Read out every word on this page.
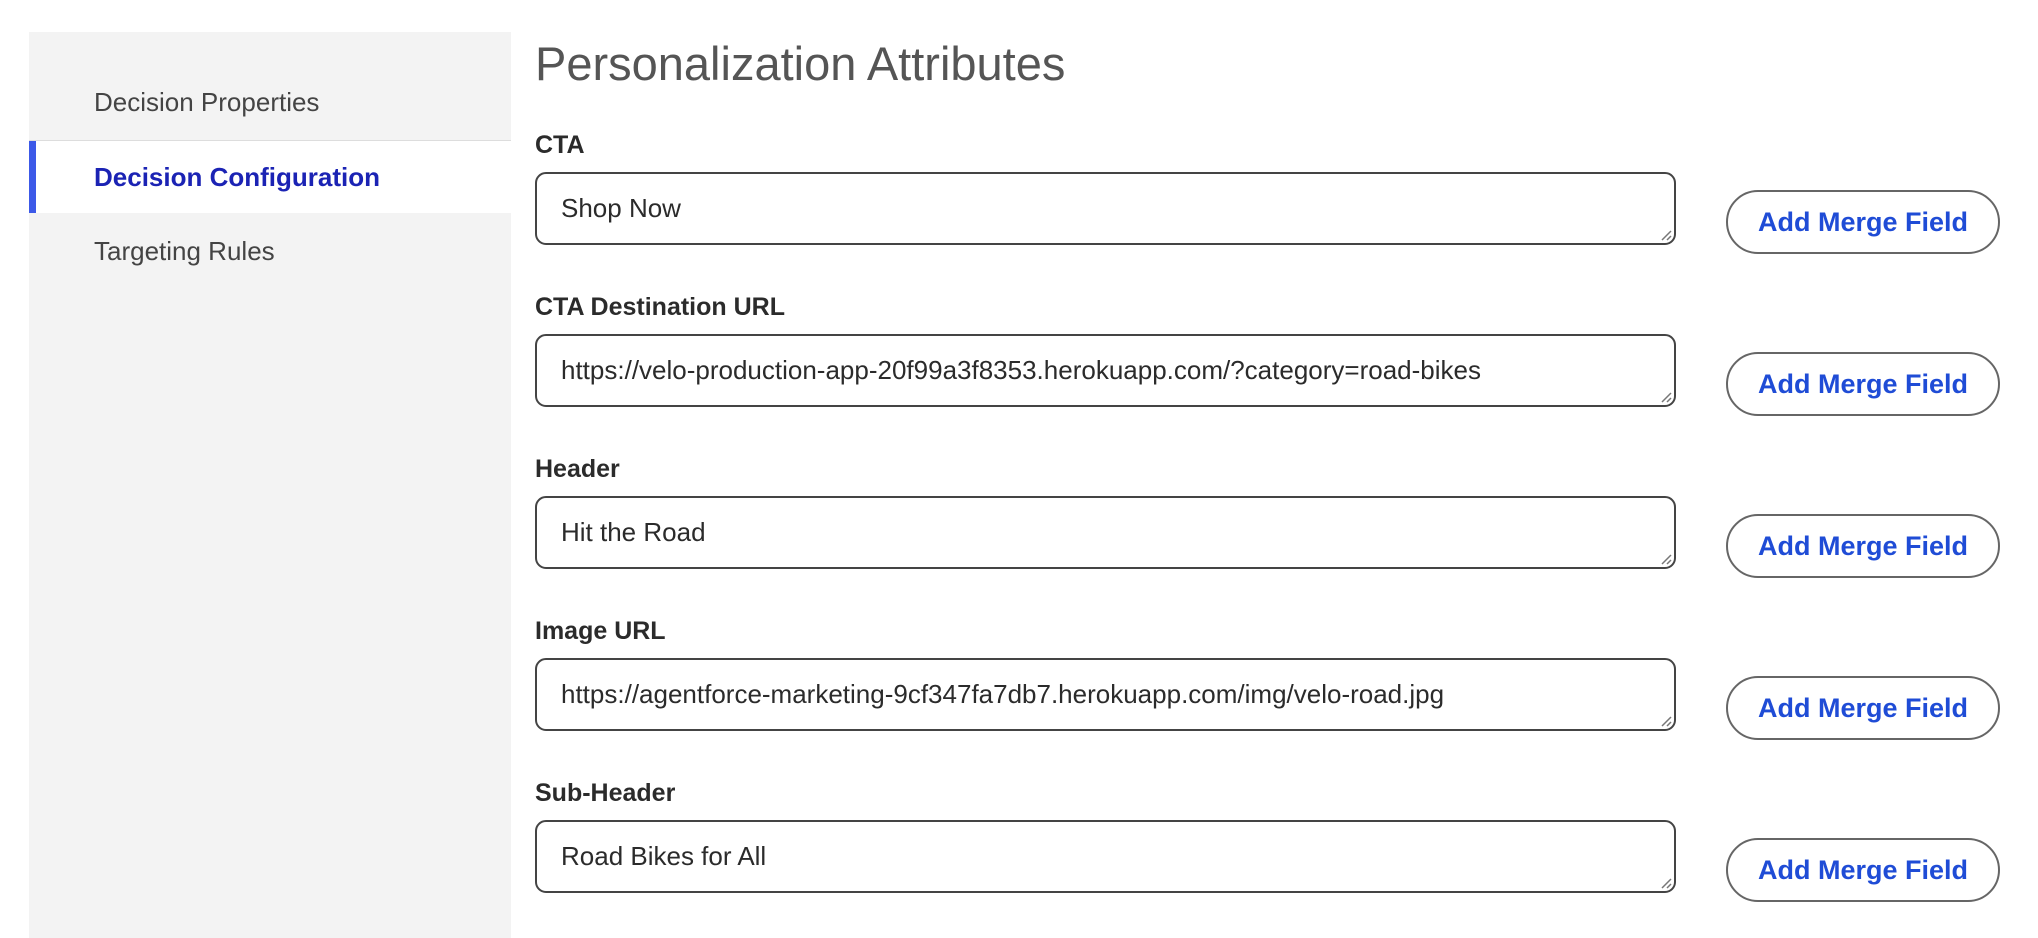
Decision Properties
Decision Configuration
Targeting Rules
Personalization Attributes
CTA
Shop Now	Add Merge Field
CTA Destination URL
https://velo-production-app-20f99a3f8353.herokuapp.com/?category=road-bikes	Add Merge Field
Header
Hit the Road	Add Merge Field
Image URL
https://agentforce-marketing-9cf347fa7db7.herokuapp.com/img/velo-road.jpg	Add Merge Field
Sub-Header
Road Bikes for All	Add Merge Field
